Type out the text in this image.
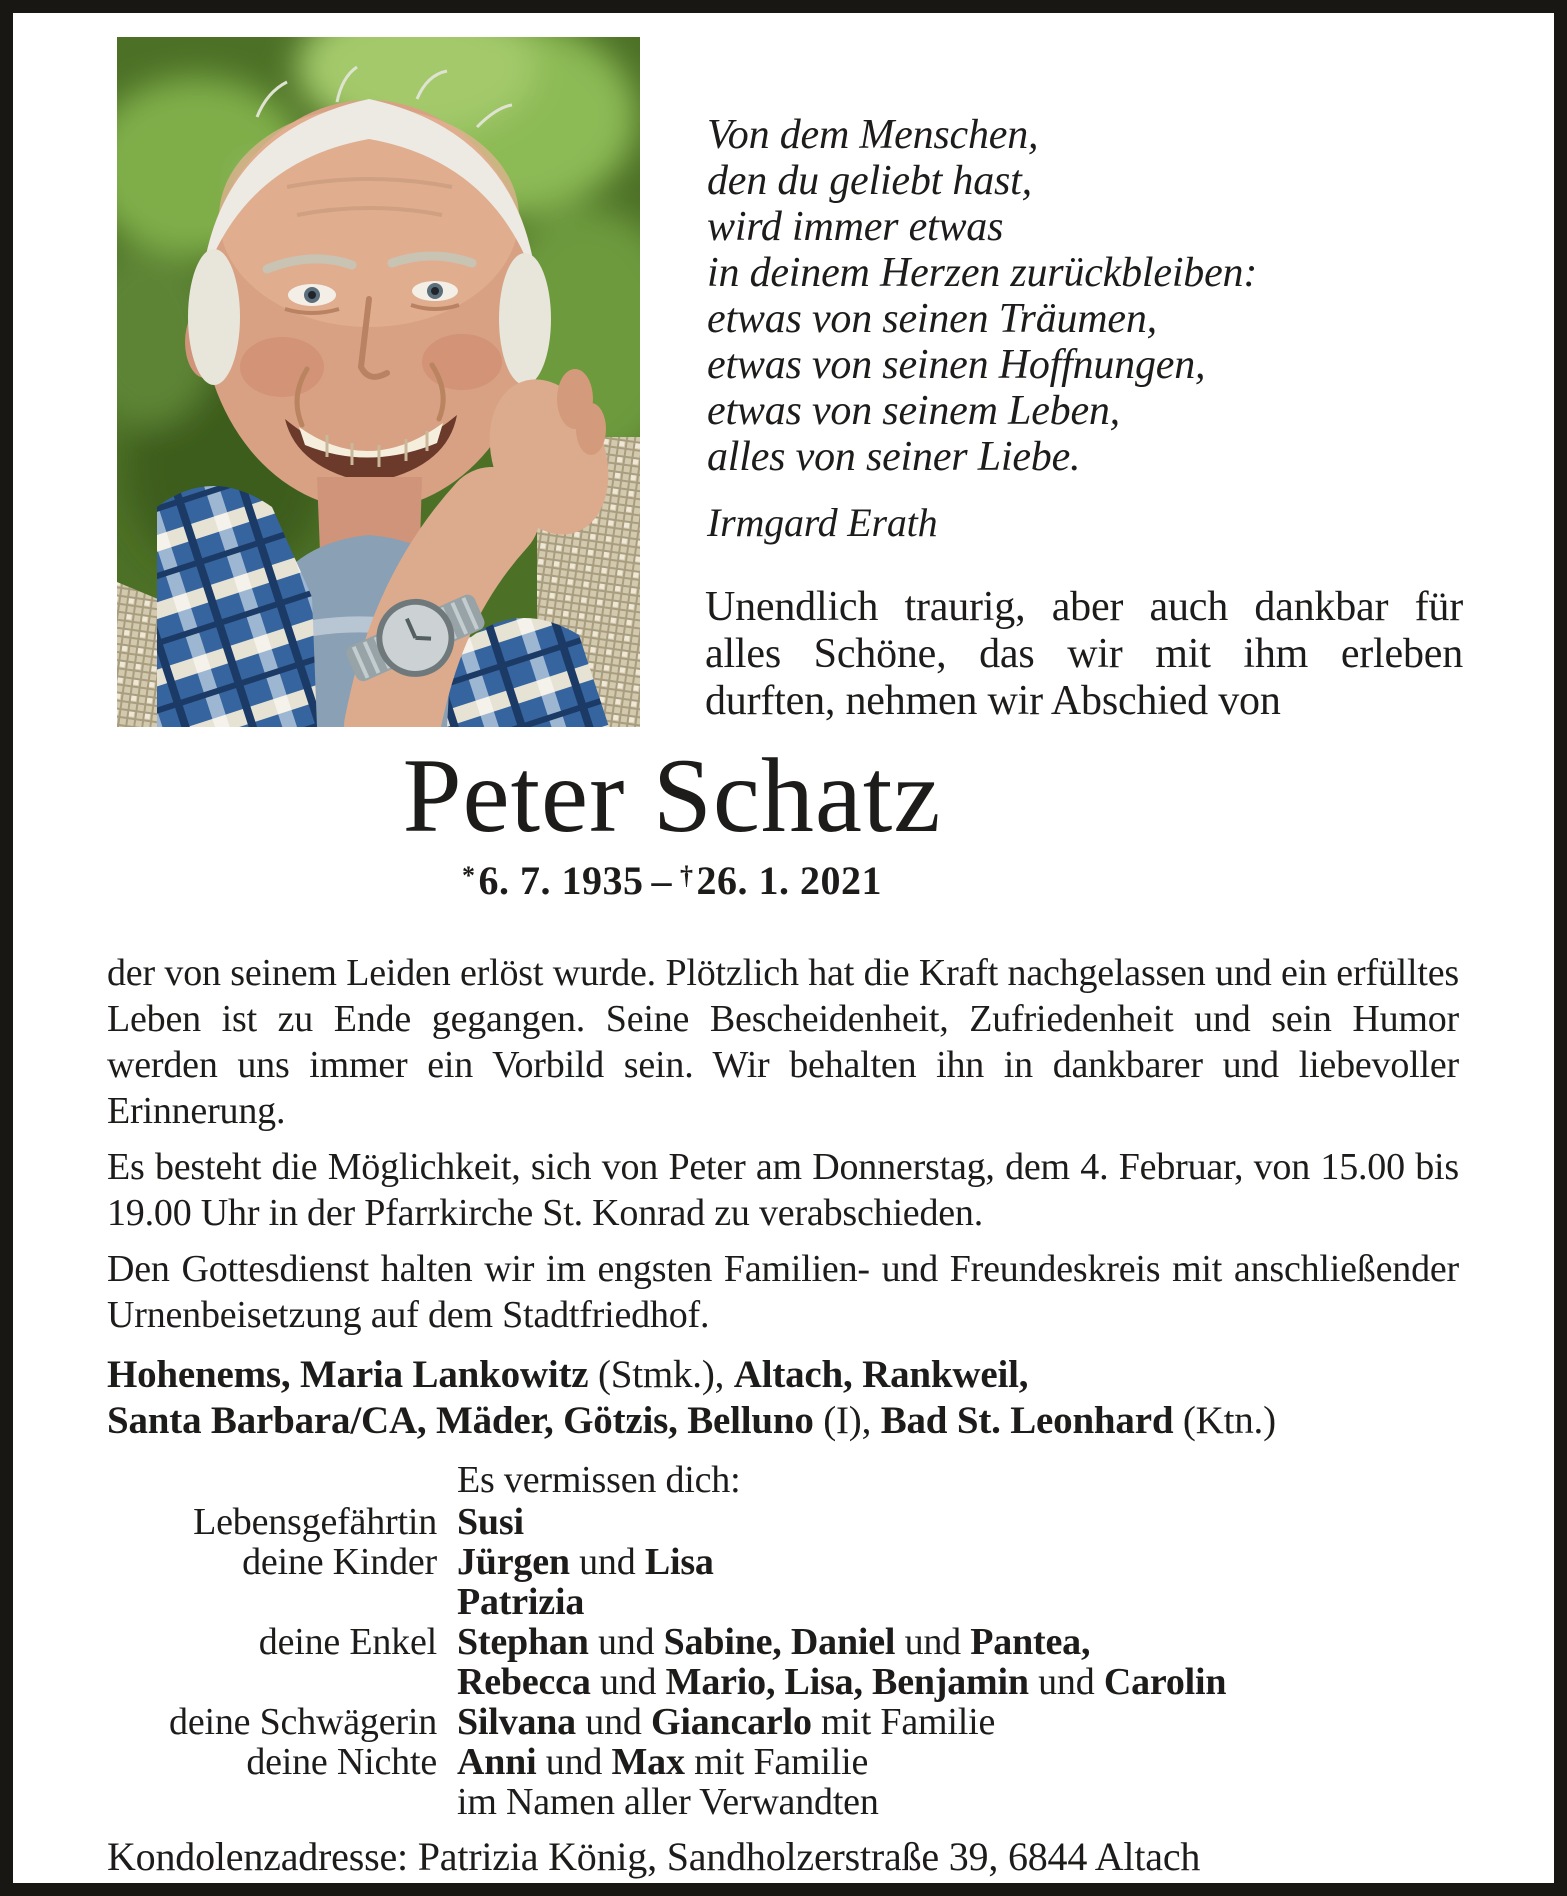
Von dem Menschen,
den du geliebt hast,
wird immer etwas
in deinem Herzen zurückbleiben:
etwas von seinen Träumen,
etwas von seinen Hoffnungen,
etwas von seinem Leben,
alles von seiner Liebe.
Irmgard Erath
Unendlich traurig, aber auch dankbar für alles Schöne, das wir mit ihm erleben durften, nehmen wir Abschied von
Peter Schatz
*6. 7. 1935 – †26. 1. 2021
der von seinem Leiden erlöst wurde. Plötzlich hat die Kraft nachgelassen und ein erfülltes Leben ist zu Ende gegangen. Seine Bescheidenheit, Zufriedenheit und sein Humor werden uns immer ein Vorbild sein. Wir behalten ihn in dankbarer und liebevoller Erinnerung.
Es besteht die Möglichkeit, sich von Peter am Donnerstag, dem 4. Februar, von 15.00 bis 19.00 Uhr in der Pfarrkirche St. Konrad zu verabschieden.
Den Gottesdienst halten wir im engsten Familien- und Freundeskreis mit anschließender Urnenbeisetzung auf dem Stadtfriedhof.
Hohenems, Maria Lankowitz (Stmk.), Altach, Rankweil,
Santa Barbara/CA, Mäder, Götzis, Belluno (I), Bad St. Leonhard (Ktn.)
Es vermissen dich:
Lebensgefährtin Susi
deine Kinder Jürgen und Lisa
Patrizia
deine Enkel Stephan und Sabine, Daniel und Pantea,
Rebecca und Mario, Lisa, Benjamin und Carolin
deine Schwägerin Silvana und Giancarlo mit Familie
deine Nichte Anni und Max mit Familie
im Namen aller Verwandten
Kondolenzadresse: Patrizia König, Sandholzerstraße 39, 6844 Altach
